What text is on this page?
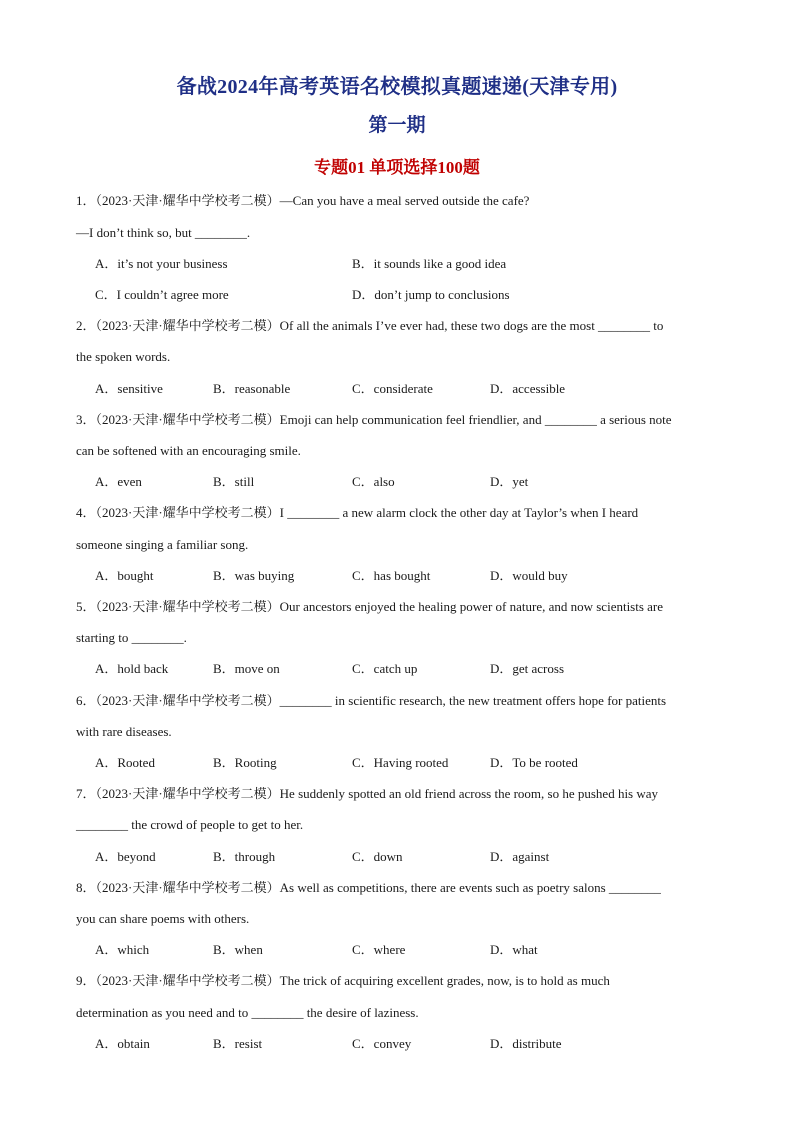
备战2024年高考英语名校模拟真题速递(天津专用)
第一期
专题01 单项选择100题
1．（2023·天津·耀华中学校考二模）—Can you have a meal served outside the cafe?
—I don’t think so, but ________.
A．it’s not your business	B．it sounds like a good idea
C．I couldn’t agree more	D．don’t jump to conclusions
2．（2023·天津·耀华中学校考二模）Of all the animals I’ve ever had, these two dogs are the most ________ to
the spoken words.
A．sensitive	B．reasonable	C．considerate	D．accessible
3．（2023·天津·耀华中学校考二模）Emoji can help communication feel friendlier, and ________ a serious note
can be softened with an encouraging smile.
A．even	B．still	C．also	D．yet
4．（2023·天津·耀华中学校考二模）I ________ a new alarm clock the other day at Taylor’s when I heard
someone singing a familiar song.
A．bought	B．was buying	C．has bought	D．would buy
5．（2023·天津·耀华中学校考二模）Our ancestors enjoyed the healing power of nature, and now scientists are
starting to ________.
A．hold back	B．move on	C．catch up	D．get across
6．（2023·天津·耀华中学校考二模）________ in scientific research, the new treatment offers hope for patients
with rare diseases.
A．Rooted	B．Rooting	C．Having rooted	D．To be rooted
7．（2023·天津·耀华中学校考二模）He suddenly spotted an old friend across the room, so he pushed his way
________ the crowd of people to get to her.
A．beyond	B．through	C．down	D．against
8．（2023·天津·耀华中学校考二模）As well as competitions, there are events such as poetry salons ________
you can share poems with others.
A．which	B．when	C．where	D．what
9．（2023·天津·耀华中学校考二模）The trick of acquiring excellent grades, now, is to hold as much
determination as you need and to ________ the desire of laziness.
A．obtain	B．resist	C．convey	D．distribute
